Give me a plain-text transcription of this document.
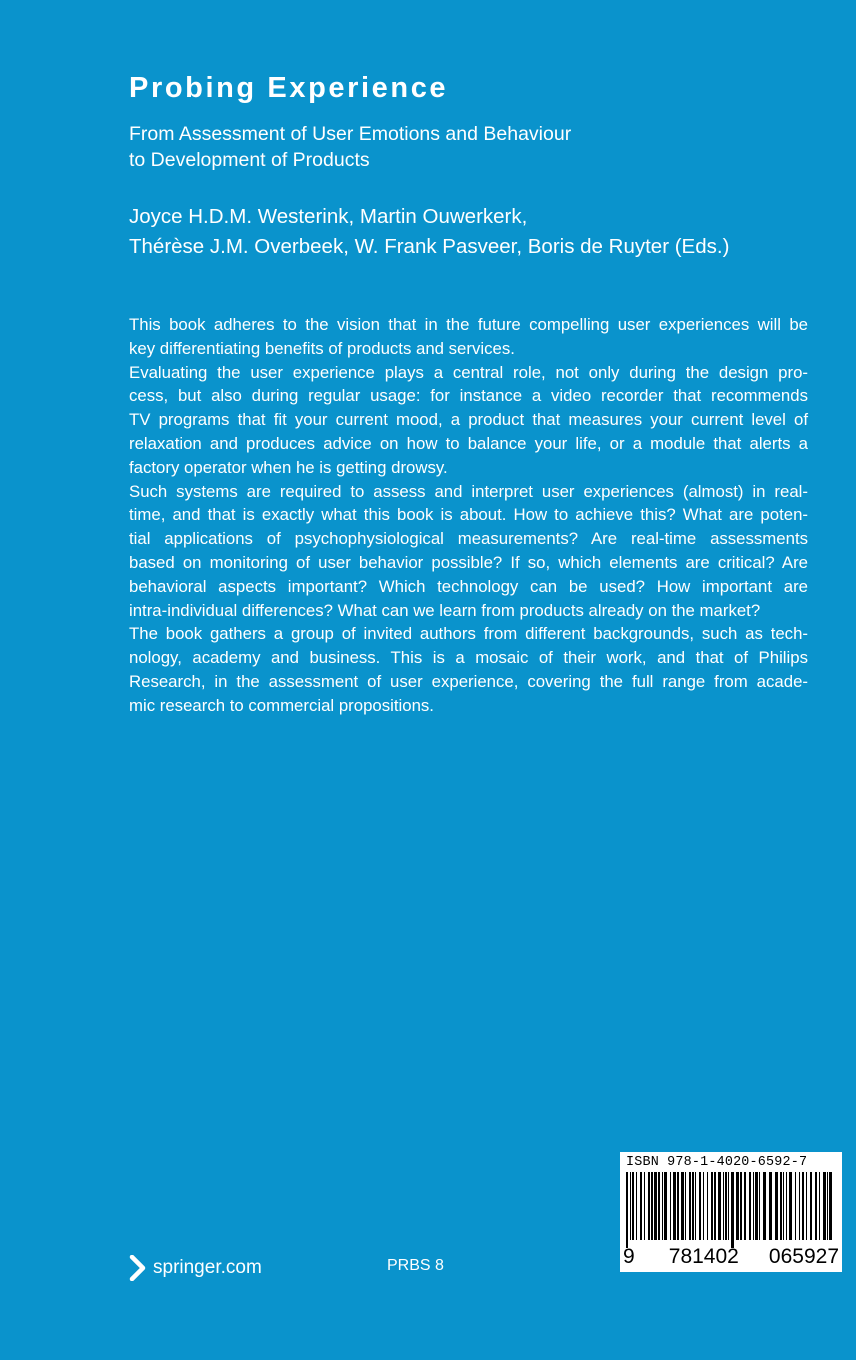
Probing Experience
From Assessment of User Emotions and Behaviour
to Development of Products
Joyce H.D.M. Westerink, Martin Ouwerkerk,
Thérèse J.M. Overbeek, W. Frank Pasveer, Boris de Ruyter (Eds.)
This book adheres to the vision that in the future compelling user experiences will be
key differentiating benefits of products and services.
Evaluating the user experience plays a central role, not only during the design pro-
cess, but also during regular usage: for instance a video recorder that recommends
TV programs that fit your current mood, a product that measures your current level of
relaxation and produces advice on how to balance your life, or a module that alerts a
factory operator when he is getting drowsy.
Such systems are required to assess and interpret user experiences (almost) in real-
time, and that is exactly what this book is about. How to achieve this? What are poten-
tial applications of psychophysiological measurements? Are real-time assessments
based on monitoring of user behavior possible? If so, which elements are critical? Are
behavioral aspects important? Which technology can be used? How important are
intra-individual differences? What can we learn from products already on the market?
The book gathers a group of invited authors from different backgrounds, such as tech-
nology, academy and business. This is a mosaic of their work, and that of Philips
Research, in the assessment of user experience, covering the full range from acade-
mic research to commercial propositions.
ISBN 978-1-4020-6592-7
9 781402 065927
springer.com	PRBS 8
